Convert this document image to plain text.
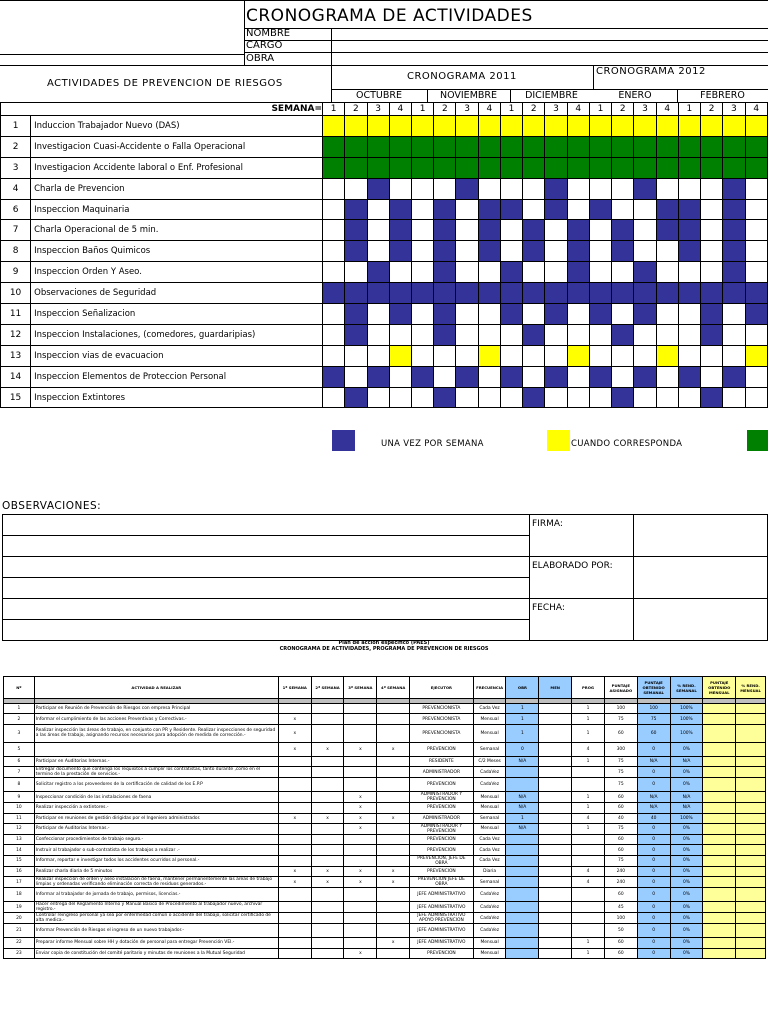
CRONOGRAMA DE ACTIVIDADES
NOMBRE
CARGO
OBRA
ACTIVIDADES DE PREVENCION DE RIESGOS
CRONOGRAMA 2011	CRONOGRAMA 2012
OCTUBRE	NOVIEMBRE	DICIEMBRE	ENERO	FEBRERO
SEMANA=		1	2	3	4	1	2	3	4	1	2	3	4	1	2	3	4	1	2	3	4
1	Induccion Trabajador Nuevo (DAS)																				
2	Investigacion Cuasi-Accidente o Falla Operacional																				
3	Investigacion Accidente laboral o Enf. Profesional																				
4	Charla de Prevencion																				
6	Inspeccion Maquinaria																				
7	Charla Operacional de 5 min.																				
8	Inspeccion Baños Quimicos																				
9	Inspeccion Orden Y Aseo.																				
10	Observaciones de Seguridad																				
11	Inspeccion Señalizacion																				
12	Inspeccion Instalaciones, (comedores, guardaripias)																				
13	Inspeccion vias de evacuacion																				
14	Inspeccion Elementos de Proteccion Personal																				
15	Inspeccion Extintores																				
UNA VEZ POR SEMANA	CUANDO CORRESPONDA
OBSERVACIONES:
	FIRMA:	

	ELABORADO POR:	

	FECHA:	

Plan de accion especifico (PAES)
CRONOGRAMA DE ACTIVIDADES, PROGRAMA DE PREVENCION DE RIESGOS
Nº	ACTIVIDAD A REALIZAR	1ª SEMANA	2ª SEMANA	3ª SEMANA	4ª SEMANA	EJECUTOR	FRECUENCIA	OBR	MEN	PROG	PUNTAJE ASIGNADO	PUNTAJE OBTENIDO SEMANAL	% REND. SEMANAL	PUNTAJE OBTENIDO MENSUAL	% REND. MENSUAL

1	Participar en Reunión de Prevención de Riesgos con empresa Principal					PREVENCIONISTA	Cada Vez	1		1	100	100	100%		
2	Informar el cumplimiento de las acciones Preventivas y Correctivas.-	x				PREVENCIONISTA	Mensual	1		1	75	75	100%		
3	Realizar inspección las áreas de trabajo, en conjunto con PR y Residente. Realizar inspecciones de seguridad a las áreas de trabajo, asignando recursos necesarios para adopción de medida de corrección.-	x				PREVENCIONISTA	Mensual	1		1	60	60	100%		
5		x	x	x	x	PREVENCION	Semanal	0		4	300	0	0%		
6	Participar en Auditorias Internas.-					RESIDENTE	C/2 Meses	N/A		1	75	N/A	N/A		
7	Entregar documento que contenga los requisitos a cumplir los contratistas, tanto durante ,como en el termino de la prestación de servicios.-					ADMINISTRADOR	CadaVez				75	0	0%		
8	Solicitar registro a los proveedores de la certificación de calidad de los E.P.P					PREVENCION	CadaVez				75	0	0%		
9	Inspeccionar condición de las instalaciones de faena			x		ADMINISTRADOR Y PREVENCION	Mensual	N/A		1	60	N/A	N/A		
10	Realizar inspección a extintores.-			x		PREVENCION	Mensual	N/A		1	60	N/A	N/A		
11	Participar en reuniones de gestión dirigidas por el Ingeniero administrador.	x	x	x	x	ADMINISTRADOR	Semanal	1		4	40	40	100%		
12	Participar de Auditorias Internas.-			x		ADMINISTRADOR Y PREVENCION	Mensual	N/A		1	75	0	0%		
13	Confeccionar procedimientos de trabajo seguro.-					PREVENCION	Cada Vez				60	0	0%		
14	Instruir al trabajador o sub-contratista de los trabajos a realizar .-					PREVENCION	Cada Vez				60	0	0%		
15	Informar, reportar e investigar todos los accidentes ocurridos al personal.-					PREVENCION, JEFE DE OBRA	Cada Vez				75	0	0%		
16	Realizar charla diaria de 5 minutos	x	x	x	x	PREVENCION	Diaria			4	240	0	0%		
17	Realizar inspección de orden y aseo instalación de faena, mantener permanentemente las áreas de trabajo limpias y ordenadas verificando eliminación correcta de residuos generados.-	x	x	x	x	PREVENCION JEFE DE OBRA	Semanal			4	240	0	0%		
18	Informar al trabajador de jornada de trabajo, permisos, licencias.-					JEFE ADMINISTRATIVO	CadaVez				60	0	0%		
19	Hacer entrega del Reglamento Interno y Manual Basico de Procedimiento al trabajador nuevo, archivar registro.-					JEFE ADMINISTRATIVO	CadaVez				45	0	0%		
20	Controlar reingreso personal ya sea por enfermedad común o accidente del trabajo, solicitar certificado de alta medica.-					JEFE ADMINISTRATIVO APOYO PREVENCION	CadaVez				100	0	0%		
21	Informar Prevención de Riesgos el ingreso de un nuevo trabajador.-					JEFE ADMINISTRATIVO	CadaVez				50	0	0%		
22	Preparar informe Mensual sobre HH y dotación de personal para entregar Prevención VEI.-				x	JEFE ADMINISTRATIVO	Mensual			1	60	0	0%		
23	Enviar copia de constitución del comité paritario y minutas de reuniones a la Mutual Seguridad			x		PREVENCION	Mensual			1	60	0	0%		
